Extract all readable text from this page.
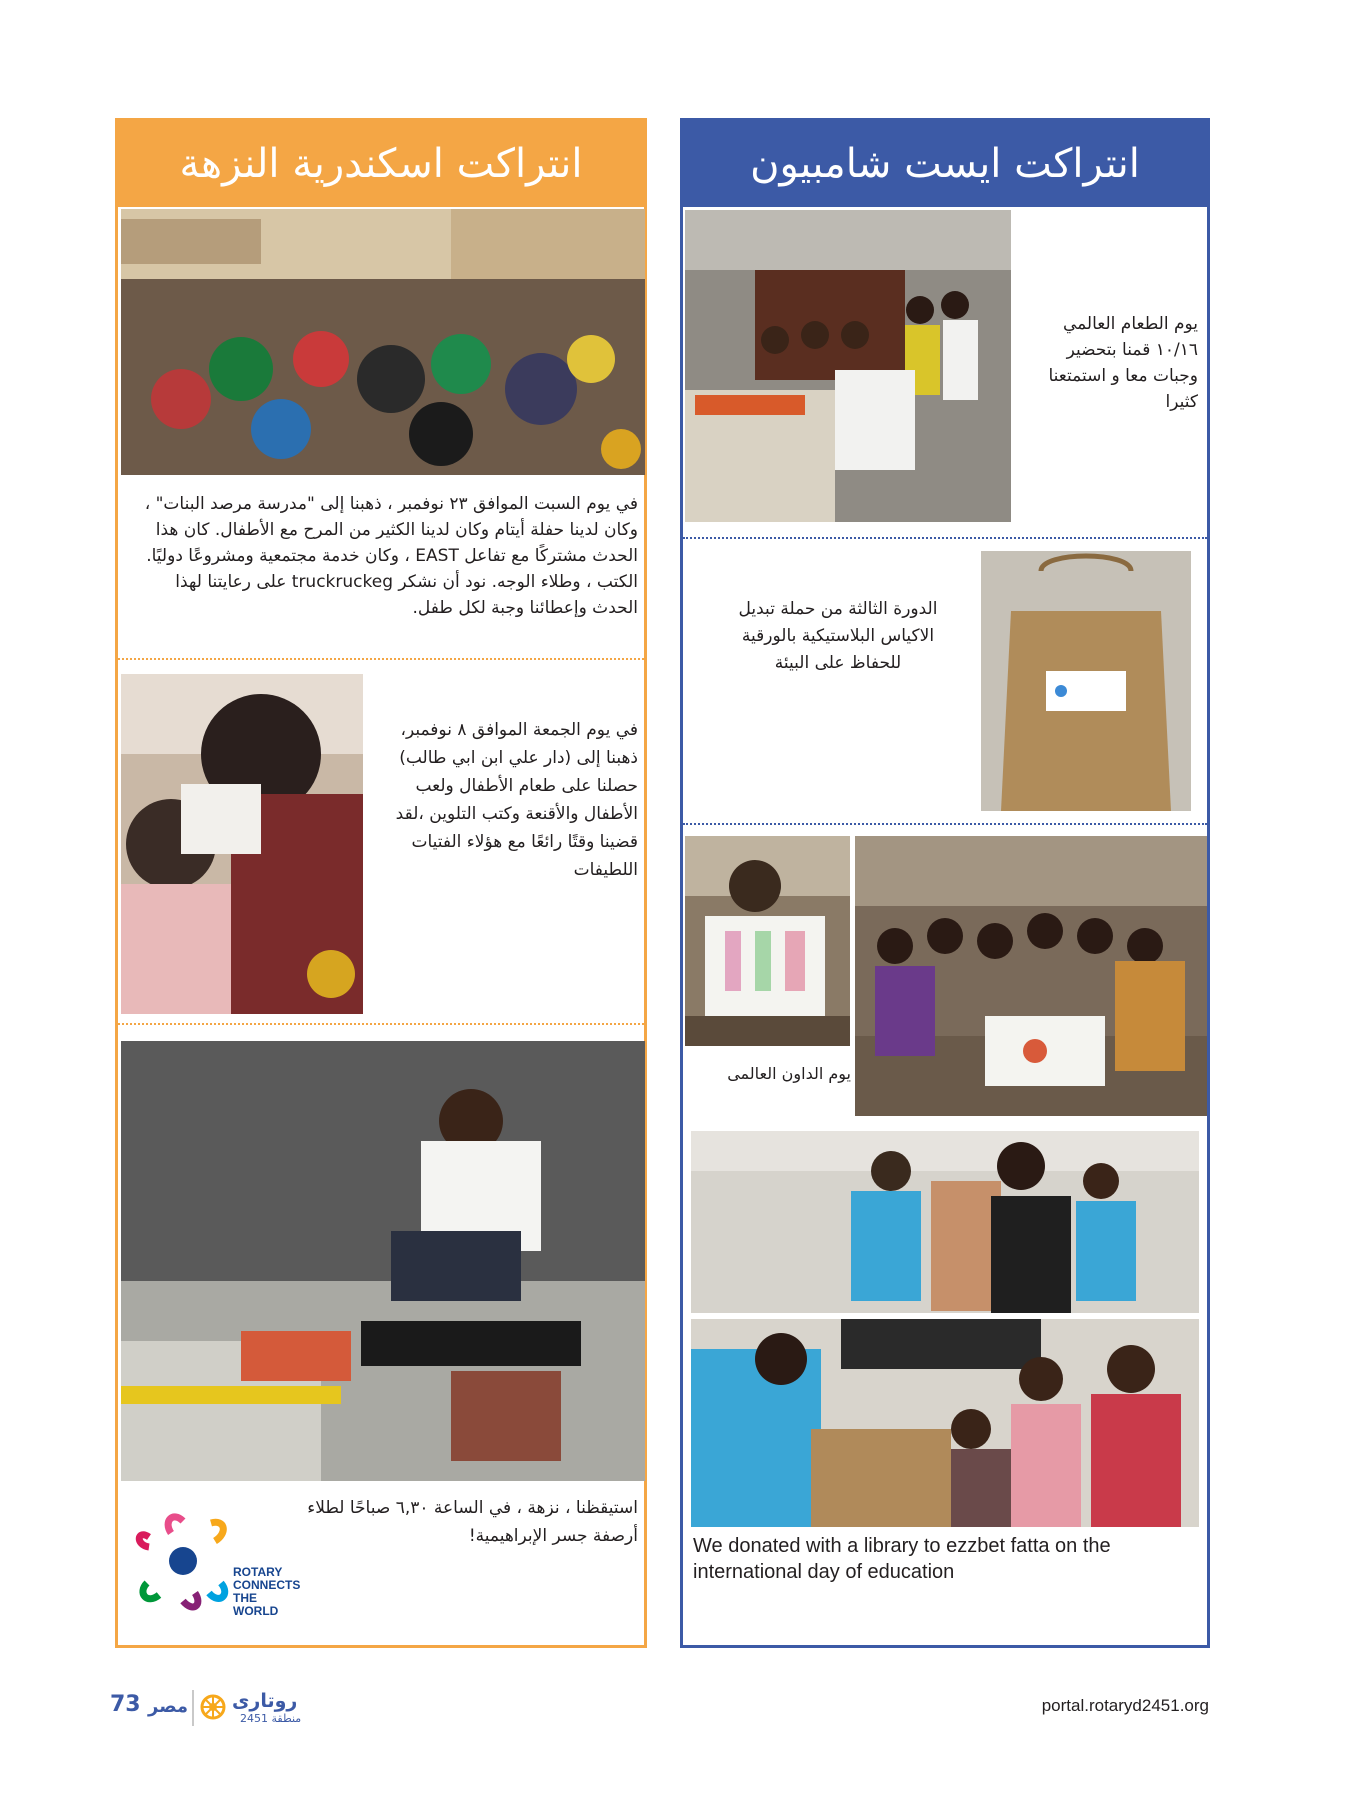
انتراكت اسكندرية النزهة
في يوم السبت الموافق ٢٣ نوفمبر ، ذهبنا إلى "مدرسة مرصد البنات" ، وكان لدينا حفلة أيتام وكان لدينا الكثير من المرح مع الأطفال. كان هذا الحدث مشتركًا مع تفاعل EAST ، وكان خدمة مجتمعية ومشروعًا دوليًا. الكتب ، وطلاء الوجه. نود أن نشكر truckruckeg على رعايتنا لهذا الحدث وإعطائنا وجبة لكل طفل.
في يوم الجمعة الموافق ٨ نوفمبر، ذهبنا إلى (دار علي ابن ابي طالب) حصلنا على طعام الأطفال ولعب الأطفال والأقنعة وكتب التلوين ،لقد قضينا وقتًا رائعًا مع هؤلاء الفتيات اللطيفات
استيقظنا ، نزهة ، في الساعة ٦,٣٠ صباحًا لطلاء أرصفة جسر الإبراهيمية!
ROTARY
CONNECTS
THE WORLD
انتراكت ايست شامبيون
يوم الطعام العالمي ١٠/١٦ قمنا بتحضير وجبات معا و استمتعنا كثيرا
الدورة الثالثة من حملة تبديل الاكياس البلاستيكية بالورقية للحفاظ على البيئة
يوم الداون العالمى
We donated with a library to ezzbet fatta on the international day of education
73 مصر روتارى
منطقة 2451
portal.rotaryd2451.org
